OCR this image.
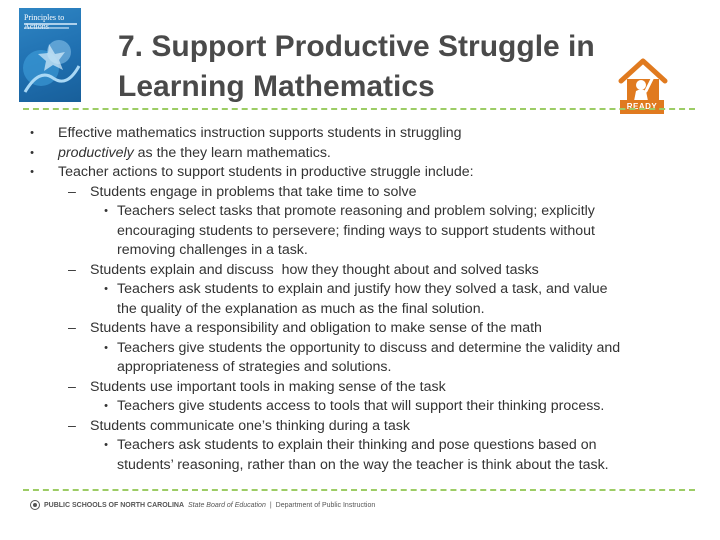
Principles to
7. Support Productive Struggle in
Learning Mathematics
READY
• Effective mathematics instruction supports students in struggling
• productively as the they learn mathematics.
• Teacher actions to support students in productive struggle include:
– Students engage in problems that take time to solve
• Teachers select tasks that promote reasoning and problem solving; explicitly
encouraging students to persevere; finding ways to support students without
removing challenges in a task.
– Students explain and discuss  how they thought about and solved tasks
• Teachers ask students to explain and justify how they solved a task, and value
the quality of the explanation as much as the final solution.
– Students have a responsibility and obligation to make sense of the math
• Teachers give students the opportunity to discuss and determine the validity and
appropriateness of strategies and solutions.
– Students use important tools in making sense of the task
• Teachers give students access to tools that will support their thinking process.
– Students communicate one’s thinking during a task
• Teachers ask students to explain their thinking and pose questions based on
students’ reasoning, rather than on the way the teacher is think about the task.
PUBLIC SCHOOLS OF NORTH CAROLINA State Board of Education | Department of Public Instruction
